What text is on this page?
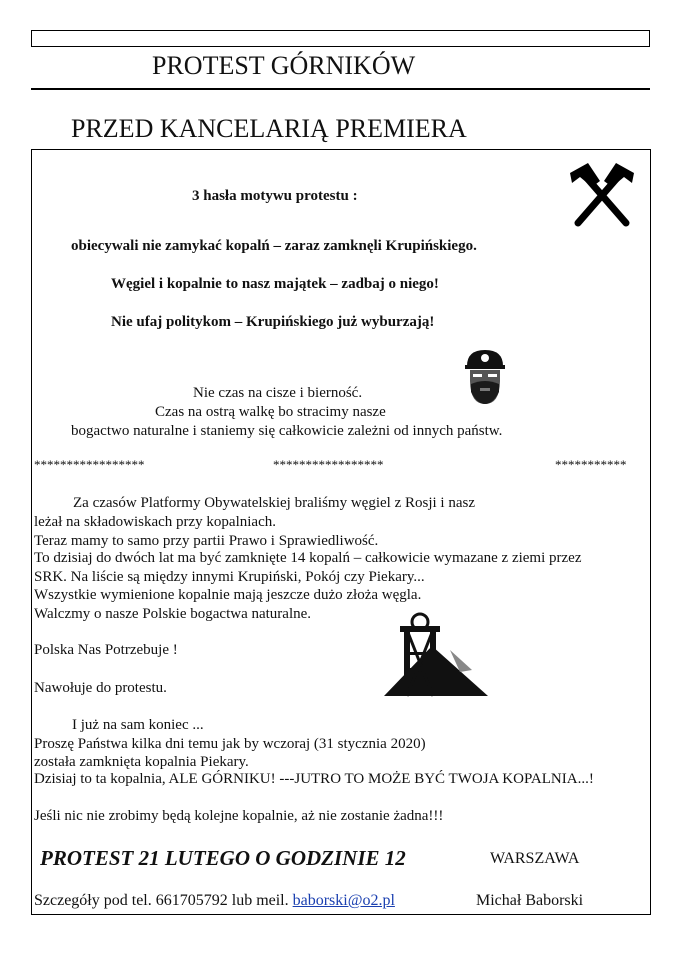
PROTEST GÓRNIKÓW
PRZED KANCELARIĄ PREMIERA
3 hasła motywu protestu :
obiecywali nie zamykać kopalń – zaraz zamknęli Krupińskiego.
Węgiel i kopalnie to nasz majątek – zadbaj o niego!
Nie ufaj politykom – Krupińskiego już wyburzają!
Nie czas na cisze i bierność.
Czas na ostrą walkę bo stracimy nasze
bogactwo naturalne i staniemy się całkowicie zależni od innych państw.
*****************	*****************	***********
Za czasów Platformy Obywatelskiej braliśmy węgiel z Rosji i nasz
leżał na składowiskach przy kopalniach.
Teraz mamy to samo przy partii Prawo i Sprawiedliwość.
To dzisiaj do dwóch lat ma być zamknięte 14 kopalń – całkowicie wymazane z ziemi przez
SRK. Na liście są między innymi Krupiński, Pokój czy Piekary...
Wszystkie wymienione kopalnie mają jeszcze dużo złoża węgla.
Walczmy o nasze Polskie bogactwa naturalne.
Polska Nas Potrzebuje !
Nawołuje do protestu.
I już na sam koniec ...
Proszę Państwa kilka dni temu jak by wczoraj (31 stycznia 2020)
została zamknięta kopalnia Piekary.
Dzisiaj to ta kopalnia, ALE GÓRNIKU! ---JUTRO TO MOŻE BYĆ TWOJA KOPALNIA...!
Jeśli nic nie zrobimy będą kolejne kopalnie, aż nie zostanie żadna!!!
PROTEST 21 LUTEGO O GODZINIE 12	WARSZAWA
Szczegóły pod tel. 661705792 lub meil. baborski@o2.pl	Michał Baborski
